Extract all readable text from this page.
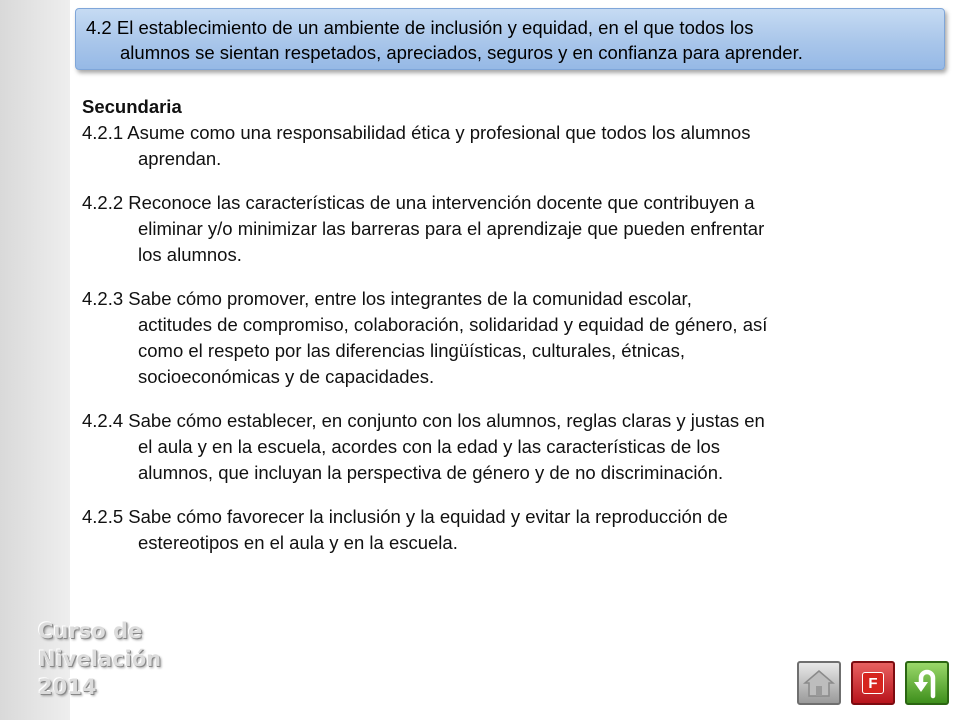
4.2 El establecimiento de un ambiente de inclusión y equidad, en el que todos los
alumnos se sientan respetados, apreciados, seguros y en confianza para aprender.
Secundaria
4.2.1 Asume como una responsabilidad ética y profesional que todos los alumnos
aprendan.
4.2.2 Reconoce las características de una intervención docente que contribuyen a
eliminar y/o minimizar las barreras para el aprendizaje que pueden enfrentar
los alumnos.
4.2.3 Sabe cómo promover, entre los integrantes de la comunidad escolar,
actitudes de compromiso, colaboración, solidaridad y equidad de género, así
como el respeto por las diferencias lingüísticas, culturales, étnicas,
socioeconómicas y de capacidades.
4.2.4 Sabe cómo establecer, en conjunto con los alumnos, reglas claras y justas en
el aula y en la escuela, acordes con la edad y las características de los
alumnos, que incluyan la perspectiva de género y de no discriminación.
4.2.5 Sabe cómo favorecer la inclusión y la equidad y evitar la reproducción de
estereotipos en el aula y en la escuela.
Curso de
Nivelación
2014	F
